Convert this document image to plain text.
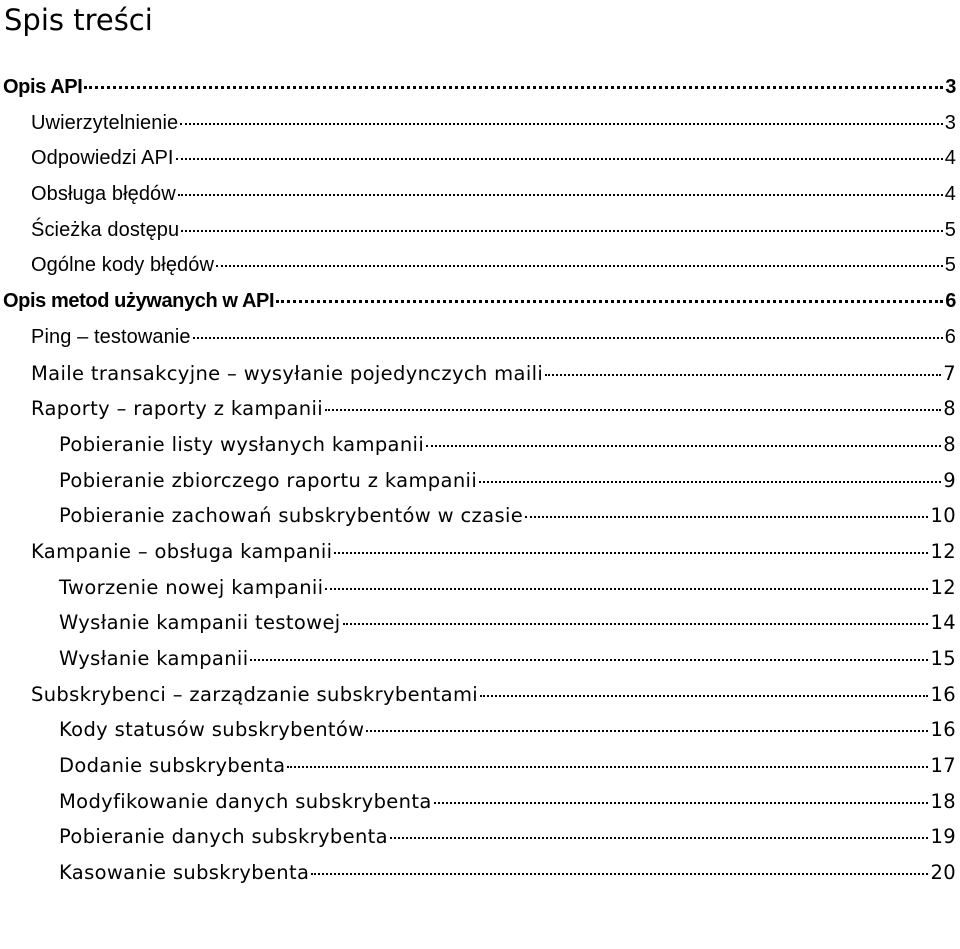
Spis treści
Opis API	3
Uwierzytelnienie	3
Odpowiedzi API	4
Obsługa błędów	4
Ścieżka dostępu	5
Ogólne kody błędów	5
Opis metod używanych w API	6
Ping – testowanie	6
Maile transakcyjne – wysyłanie pojedynczych maili	7
Raporty – raporty z kampanii	8
Pobieranie listy wysłanych kampanii	8
Pobieranie zbiorczego raportu z kampanii	9
Pobieranie zachowań subskrybentów w czasie	10
Kampanie – obsługa kampanii	12
Tworzenie nowej kampanii	12
Wysłanie kampanii testowej	14
Wysłanie kampanii	15
Subskrybenci – zarządzanie subskrybentami	16
Kody statusów subskrybentów	16
Dodanie subskrybenta	17
Modyfikowanie danych subskrybenta	18
Pobieranie danych subskrybenta	19
Kasowanie subskrybenta	20
